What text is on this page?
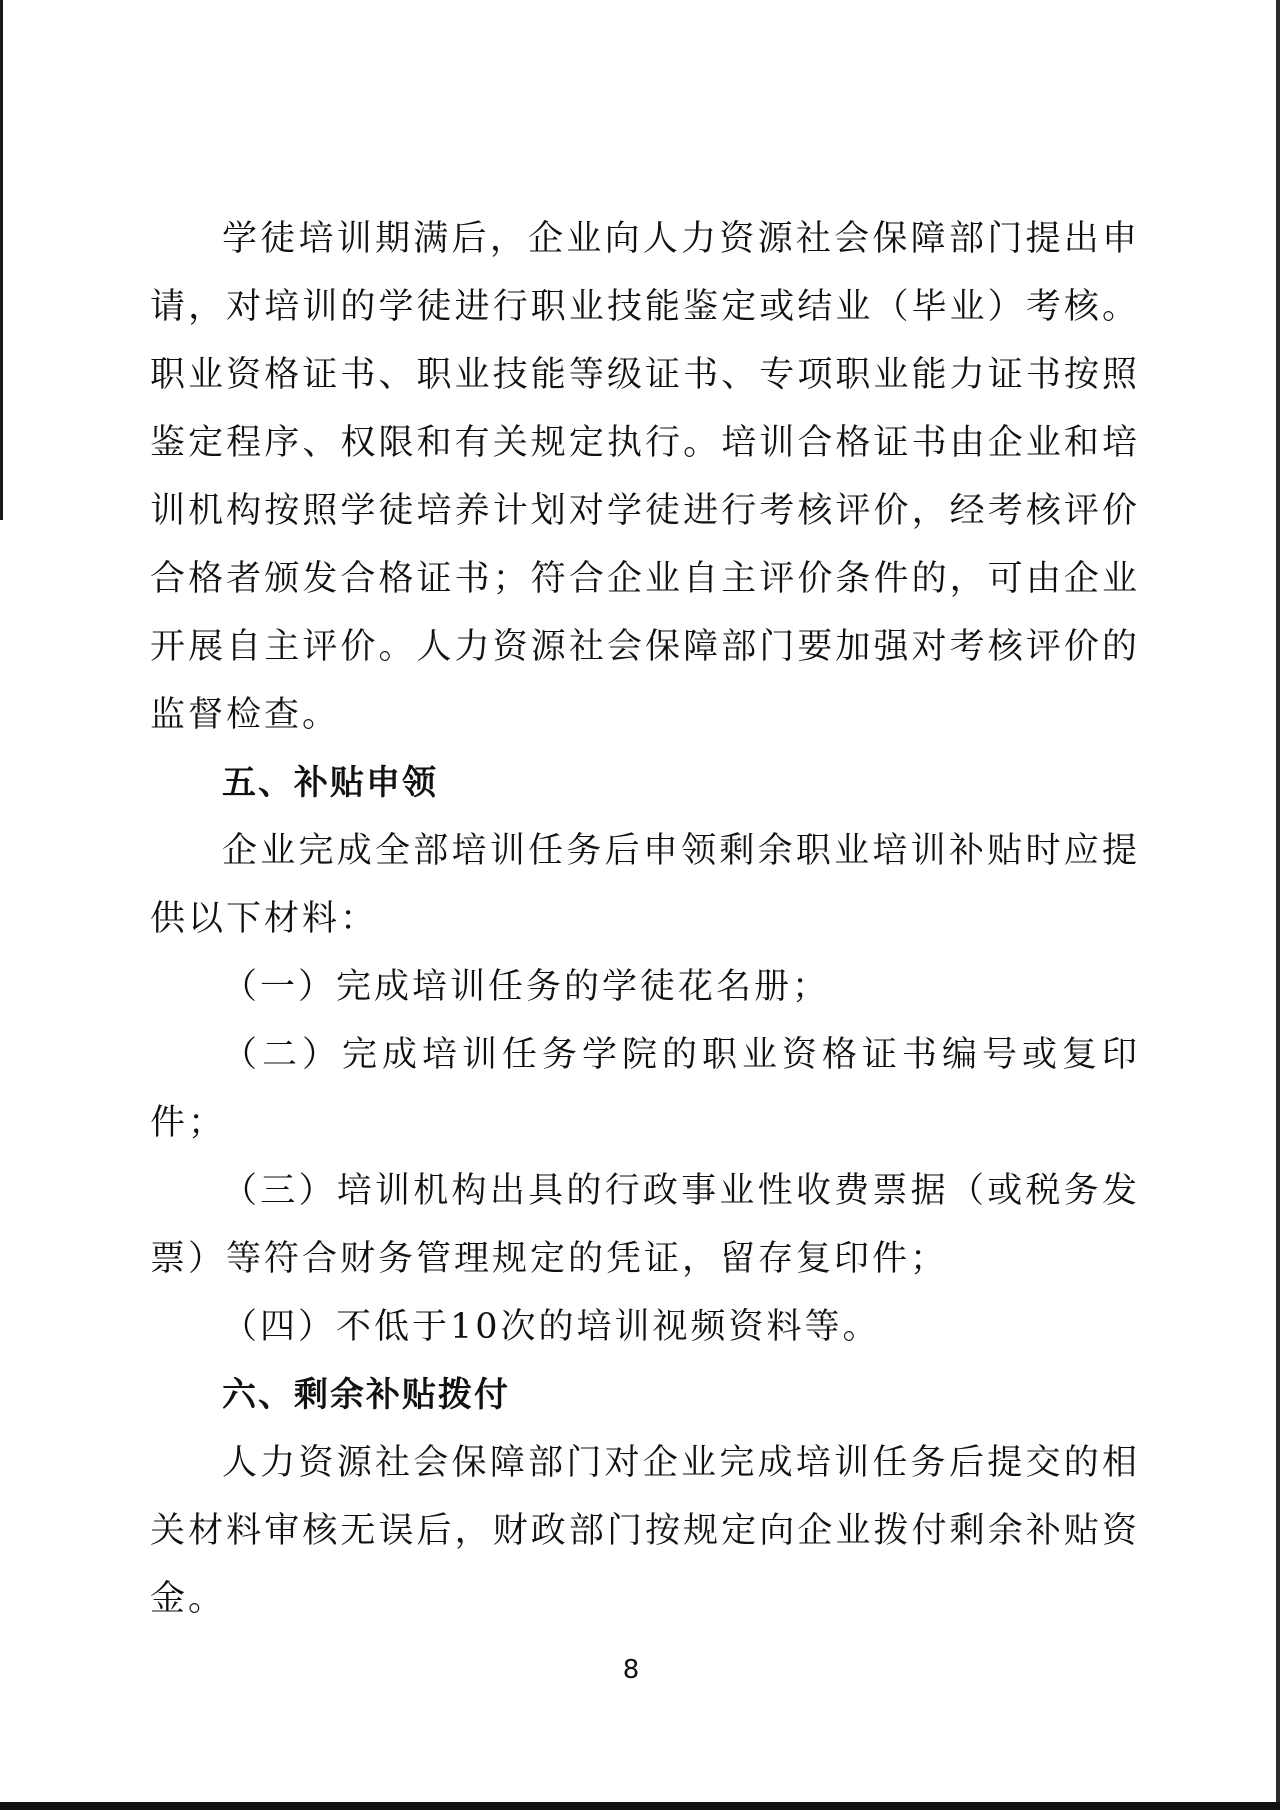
学徒培训期满后，企业向人力资源社会保障部门提出申请，对培训的学徒进行职业技能鉴定或结业（毕业）考核。职业资格证书、职业技能等级证书、专项职业能力证书按照鉴定程序、权限和有关规定执行。培训合格证书由企业和培训机构按照学徒培养计划对学徒进行考核评价，经考核评价合格者颁发合格证书；符合企业自主评价条件的，可由企业开展自主评价。人力资源社会保障部门要加强对考核评价的监督检查。

五、补贴申领

企业完成全部培训任务后申领剩余职业培训补贴时应提供以下材料：

（一）完成培训任务的学徒花名册；

（二）完成培训任务学院的职业资格证书编号或复印件；

（三）培训机构出具的行政事业性收费票据（或税务发票）等符合财务管理规定的凭证，留存复印件；

（四）不低于10次的培训视频资料等。

六、剩余补贴拨付

人力资源社会保障部门对企业完成培训任务后提交的相关材料审核无误后，财政部门按规定向企业拨付剩余补贴资金。

8
